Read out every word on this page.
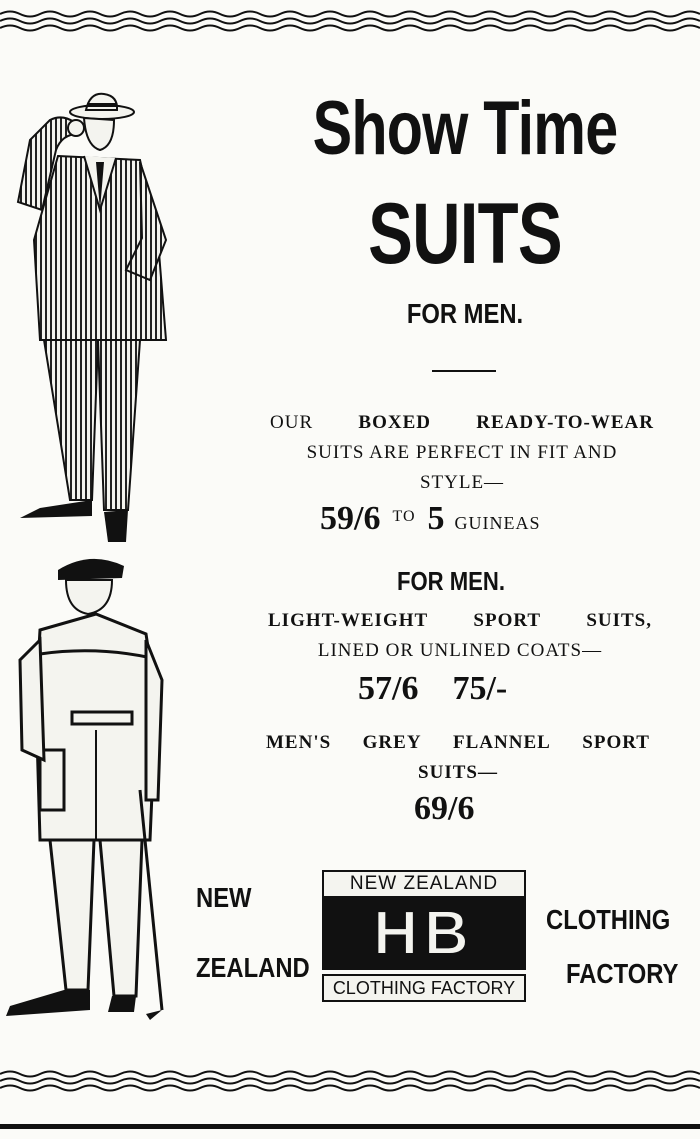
Show Time
SUITS
FOR MEN.
OUR BOXED READY-TO-WEAR
SUITS ARE PERFECT IN FIT AND
STYLE—
59/6 TO 5 GUINEAS
FOR MEN.
LIGHT-WEIGHT SPORT SUITS,
LINED OR UNLINED COATS—
57/6 75/-
MEN'S GREY FLANNEL SPORT
SUITS—
69/6
NEW
ZEALAND
NEW ZEALAND
HB
CLOTHING FACTORY
CLOTHING
FACTORY
